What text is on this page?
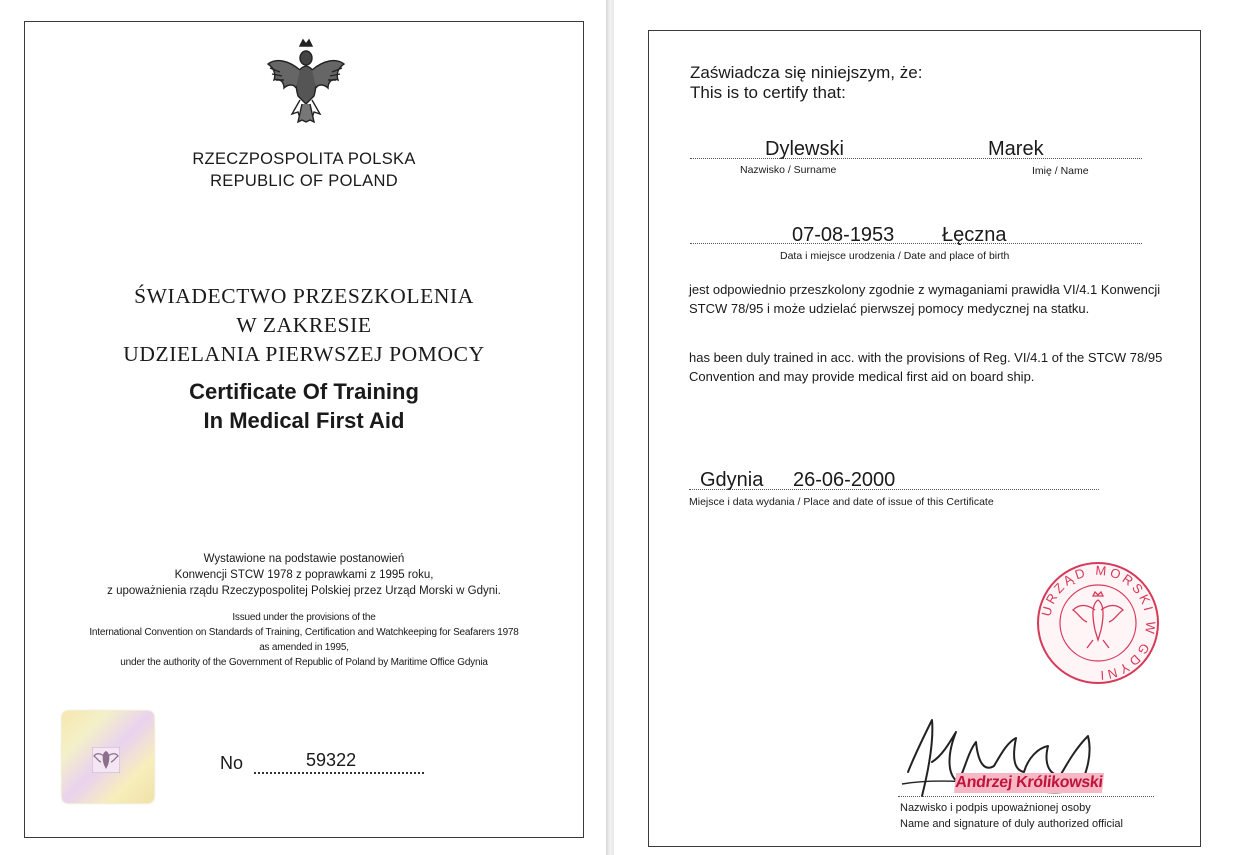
RZECZPOSPOLITA POLSKA
REPUBLIC OF POLAND
ŚWIADECTWO PRZESZKOLENIA
W ZAKRESIE
UDZIELANIA PIERWSZEJ POMOCY
Certificate Of Training
In Medical First Aid
Wystawione na podstawie postanowień
Konwencji STCW 1978 z poprawkami z 1995 roku,
z upoważnienia rządu Rzeczypospolitej Polskiej przez Urząd Morski w Gdyni.
Issued under the provisions of the
International Convention on Standards of Training, Certification and Watchkeeping for Seafarers 1978
as amended in 1995,
under the authority of the Government of Republic of Poland by Maritime Office Gdynia
No	59322
Zaświadcza się niniejszym, że:
This is to certify that:
Dylewski	Marek
Nazwisko / Surname	Imię / Name
07-08-1953 Łęczna
Data i miejsce urodzenia / Date and place of birth
jest odpowiednio przeszkolony zgodnie z wymaganiami prawidła VI/4.1 Konwencji STCW 78/95 i może udzielać pierwszej pomocy medycznej na statku.
has been duly trained in acc. with the provisions of Reg. VI/4.1 of the STCW 78/95 Convention and may provide medical first aid on board ship.
Gdynia 26-06-2000
Miejsce i data wydania / Place and date of issue of this Certificate
URZĄD MORSKI W GDYNI
Andrzej Królikowski
Nazwisko i podpis upoważnionej osoby
Name and signature of duly authorized official
